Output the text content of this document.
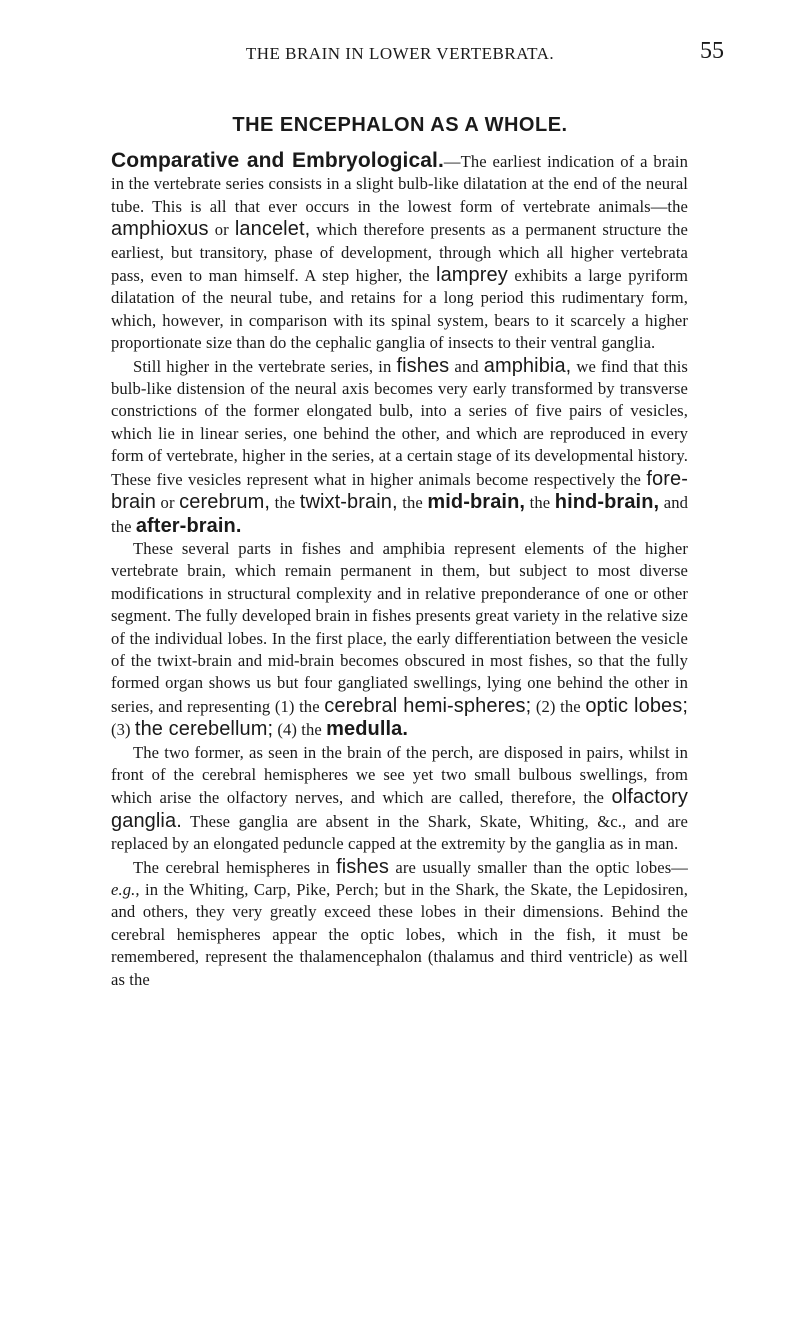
THE BRAIN IN LOWER VERTEBRATA.	55
THE ENCEPHALON AS A WHOLE.

Comparative and Embryological.—The earliest indication of a brain in the vertebrate series consists in a slight bulb-like dilatation at the end of the neural tube. This is all that ever occurs in the lowest form of vertebrate animals—the amphioxus or lancelet, which therefore presents as a permanent structure the earliest, but transitory, phase of development, through which all higher vertebrata pass, even to man himself. A step higher, the lamprey exhibits a large pyriform dilatation of the neural tube, and retains for a long period this rudimentary form, which, however, in comparison with its spinal system, bears to it scarcely a higher proportionate size than do the cephalic ganglia of insects to their ventral ganglia.

Still higher in the vertebrate series, in fishes and amphibia, we find that this bulb-like distension of the neural axis becomes very early transformed by transverse constrictions of the former elongated bulb, into a series of five pairs of vesicles, which lie in linear series, one behind the other, and which are reproduced in every form of vertebrate, higher in the series, at a certain stage of its developmental history. These five vesicles represent what in higher animals become respectively the fore-brain or cerebrum, the twixt-brain, the mid-brain, the hind-brain, and the after-brain.

These several parts in fishes and amphibia represent elements of the higher vertebrate brain, which remain permanent in them, but subject to most diverse modifications in structural complexity and in relative preponderance of one or other segment. The fully developed brain in fishes presents great variety in the relative size of the individual lobes. In the first place, the early differentiation between the vesicle of the twixt-brain and mid-brain becomes obscured in most fishes, so that the fully formed organ shows us but four gangliated swellings, lying one behind the other in series, and representing (1) the cerebral hemi-spheres; (2) the optic lobes; (3) the cerebellum; (4) the medulla.

The two former, as seen in the brain of the perch, are disposed in pairs, whilst in front of the cerebral hemispheres we see yet two small bulbous swellings, from which arise the olfactory nerves, and which are called, therefore, the olfactory ganglia. These ganglia are absent in the Shark, Skate, Whiting, &c., and are replaced by an elongated peduncle capped at the extremity by the ganglia as in man.

The cerebral hemispheres in fishes are usually smaller than the optic lobes—e.g., in the Whiting, Carp, Pike, Perch; but in the Shark, the Skate, the Lepidosiren, and others, they very greatly exceed these lobes in their dimensions. Behind the cerebral hemispheres appear the optic lobes, which in the fish, it must be remembered, represent the thalamencephalon (thalamus and third ventricle) as well as the
